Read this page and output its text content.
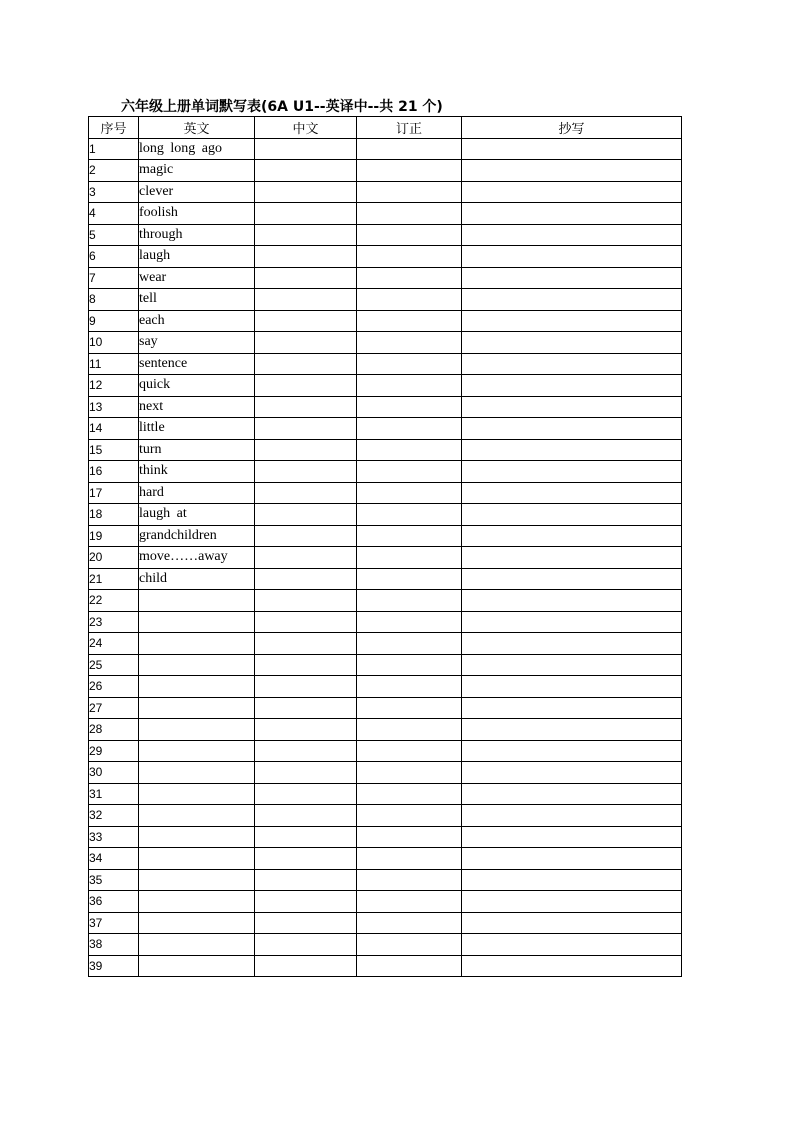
六年级上册单词默写表(6A U1--英译中--共 21 个)
序号	英文	中文	订正	抄写
1	long long ago			
2	magic			
3	clever			
4	foolish			
5	through			
6	laugh			
7	wear			
8	tell			
9	each			
10	say			
11	sentence			
12	quick			
13	next			
14	little			
15	turn			
16	think			
17	hard			
18	laugh at			
19	grandchildren			
20	move……away			
21	child			
22				
23				
24				
25				
26				
27				
28				
29				
30				
31				
32				
33				
34				
35				
36				
37				
38				
39				
